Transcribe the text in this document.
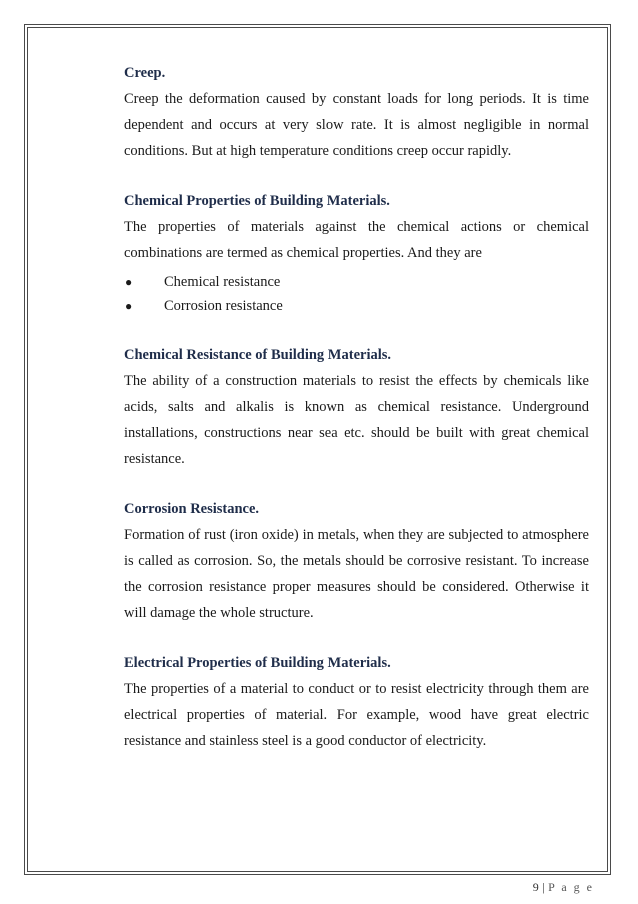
Creep.

Creep the deformation caused by constant loads for long periods. It is time dependent and occurs at very slow rate. It is almost negligible in normal conditions. But at high temperature conditions creep occur rapidly.

Chemical Properties of Building Materials.

The properties of materials against the chemical actions or chemical combinations are termed as chemical properties. And they are

● Chemical resistance
● Corrosion resistance
Chemical Resistance of Building Materials.

The ability of a construction materials to resist the effects by chemicals like acids, salts and alkalis is known as chemical resistance. Underground installations, constructions near sea etc. should be built with great chemical resistance.

Corrosion Resistance.

Formation of rust (iron oxide) in metals, when they are subjected to atmosphere is called as corrosion. So, the metals should be corrosive resistant. To increase the corrosion resistance proper measures should be considered. Otherwise it will damage the whole structure.

Electrical Properties of Building Materials.

The properties of a material to conduct or to resist electricity through them are electrical properties of material. For example, wood have great electric resistance and stainless steel is a good conductor of electricity.

9 | P a g e
